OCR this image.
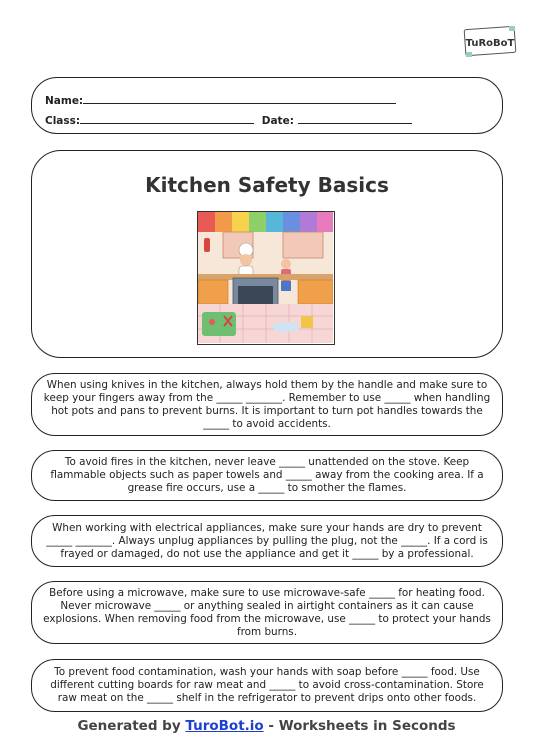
TuRoBoT
Name:
Class:	Date:
Kitchen Safety Basics
When using knives in the kitchen, always hold them by the handle and make sure to keep your fingers away from the _____ _______. Remember to use _____ when handling hot pots and pans to prevent burns. It is important to turn pot handles towards the _____ to avoid accidents.
To avoid fires in the kitchen, never leave _____ unattended on the stove. Keep flammable objects such as paper towels and _____ away from the cooking area. If a grease fire occurs, use a _____ to smother the flames.
When working with electrical appliances, make sure your hands are dry to prevent _____ _______. Always unplug appliances by pulling the plug, not the _____. If a cord is frayed or damaged, do not use the appliance and get it _____ by a professional.
Before using a microwave, make sure to use microwave-safe _____ for heating food. Never microwave _____ or anything sealed in airtight containers as it can cause explosions. When removing food from the microwave, use _____ to protect your hands from burns.
To prevent food contamination, wash your hands with soap before _____ food. Use different cutting boards for raw meat and _____ to avoid cross-contamination. Store raw meat on the _____ shelf in the refrigerator to prevent drips onto other foods.
Generated by TuroBot.io - Worksheets in Seconds
